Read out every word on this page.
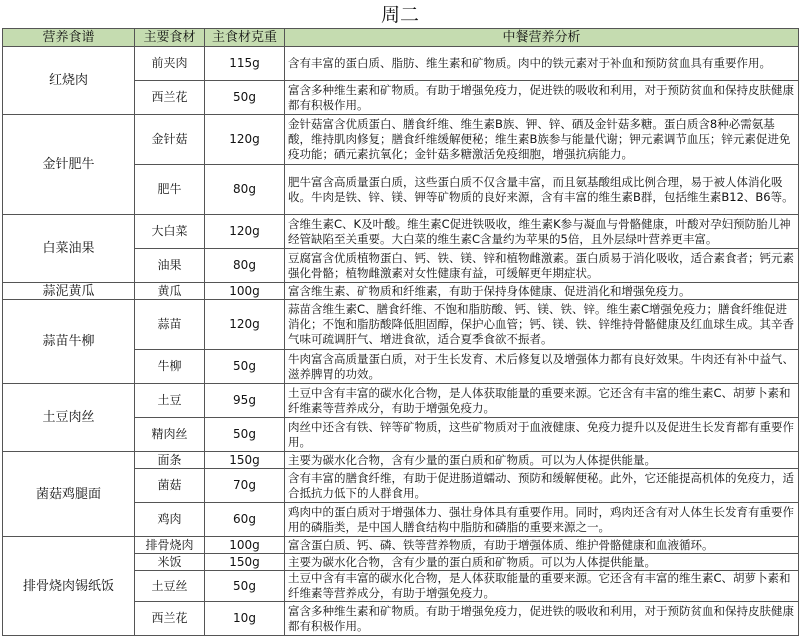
周二
营养食谱	主要食材	主食材克重	中餐营养分析
红烧肉	前夹肉	115g	含有丰富的蛋白质、脂肪、维生素和矿物质。肉中的铁元素对于补血和预防贫血具有重要作用。
	西兰花	50g	富含多种维生素和矿物质。有助于增强免疫力，促进铁的吸收和利用，对于预防贫血和保持皮肤健康都有积极作用。
金针肥牛	金针菇	120g	金针菇富含优质蛋白、膳食纤维、维生素B族、钾、锌、硒及金针菇多糖。蛋白质含8种必需氨基酸，维持肌肉修复；膳食纤维缓解便秘；维生素B族参与能量代谢；钾元素调节血压；锌元素促进免疫功能；硒元素抗氧化；金针菇多糖激活免疫细胞，增强抗病能力。
	肥牛	80g	肥牛富含高质量蛋白质，这些蛋白质不仅含量丰富，而且氨基酸组成比例合理，易于被人体消化吸收。牛肉是铁、锌、镁、钾等矿物质的良好来源，含有丰富的维生素B群，包括维生素B12、B6等。
白菜油果	大白菜	120g	含维生素C、K及叶酸。维生素C促进铁吸收，维生素K参与凝血与骨骼健康，叶酸对孕妇预防胎儿神经管缺陷至关重要。大白菜的维生素C含量约为苹果的5倍，且外层绿叶营养更丰富。
	油果	80g	豆腐富含优质植物蛋白、钙、铁、镁、锌和植物雌激素。蛋白质易于消化吸收，适合素食者；钙元素强化骨骼；植物雌激素对女性健康有益，可缓解更年期症状。
蒜泥黄瓜	黄瓜	100g	富含维生素、矿物质和纤维素，有助于保持身体健康、促进消化和增强免疫力。
蒜苗牛柳	蒜苗	120g	蒜苗含维生素C、膳食纤维、不饱和脂肪酸、钙、镁、铁、锌。维生素C增强免疫力；膳食纤维促进消化；不饱和脂肪酸降低胆固醇，保护心血管；钙、镁、铁、锌维持骨骼健康及红血球生成。其辛香气味可疏调肝气、增进食欲，适合夏季食欲不振者。
	牛柳	50g	牛肉富含高质量蛋白质，对于生长发育、术后修复以及增强体力都有良好效果。牛肉还有补中益气、滋养脾胃的功效。
土豆肉丝	土豆	95g	土豆中含有丰富的碳水化合物，是人体获取能量的重要来源。它还含有丰富的维生素C、胡萝卜素和纤维素等营养成分，有助于增强免疫力。
	精肉丝	50g	肉丝中还含有铁、锌等矿物质，这些矿物质对于血液健康、免疫力提升以及促进生长发育都有重要作用。
菌菇鸡腿面	面条	150g	主要为碳水化合物，含有少量的蛋白质和矿物质。可以为人体提供能量。
	菌菇	70g	含有丰富的膳食纤维，有助于促进肠道蠕动、预防和缓解便秘。此外，它还能提高机体的免疫力，适合抵抗力低下的人群食用。
	鸡肉	60g	鸡肉中的蛋白质对于增强体力、强壮身体具有重要作用。同时，鸡肉还含有对人体生长发育有重要作用的磷脂类，是中国人膳食结构中脂肪和磷脂的重要来源之一。
排骨烧肉锡纸饭	排骨烧肉	100g	富含蛋白质、钙、磷、铁等营养物质，有助于增强体质、维护骨骼健康和血液循环。
	米饭	150g	主要为碳水化合物，含有少量的蛋白质和矿物质。可以为人体提供能量。
	土豆丝	50g	土豆中含有丰富的碳水化合物，是人体获取能量的重要来源。它还含有丰富的维生素C、胡萝卜素和纤维素等营养成分，有助于增强免疫力。
	西兰花	10g	富含多种维生素和矿物质。有助于增强免疫力，促进铁的吸收和利用，对于预防贫血和保持皮肤健康都有积极作用。
